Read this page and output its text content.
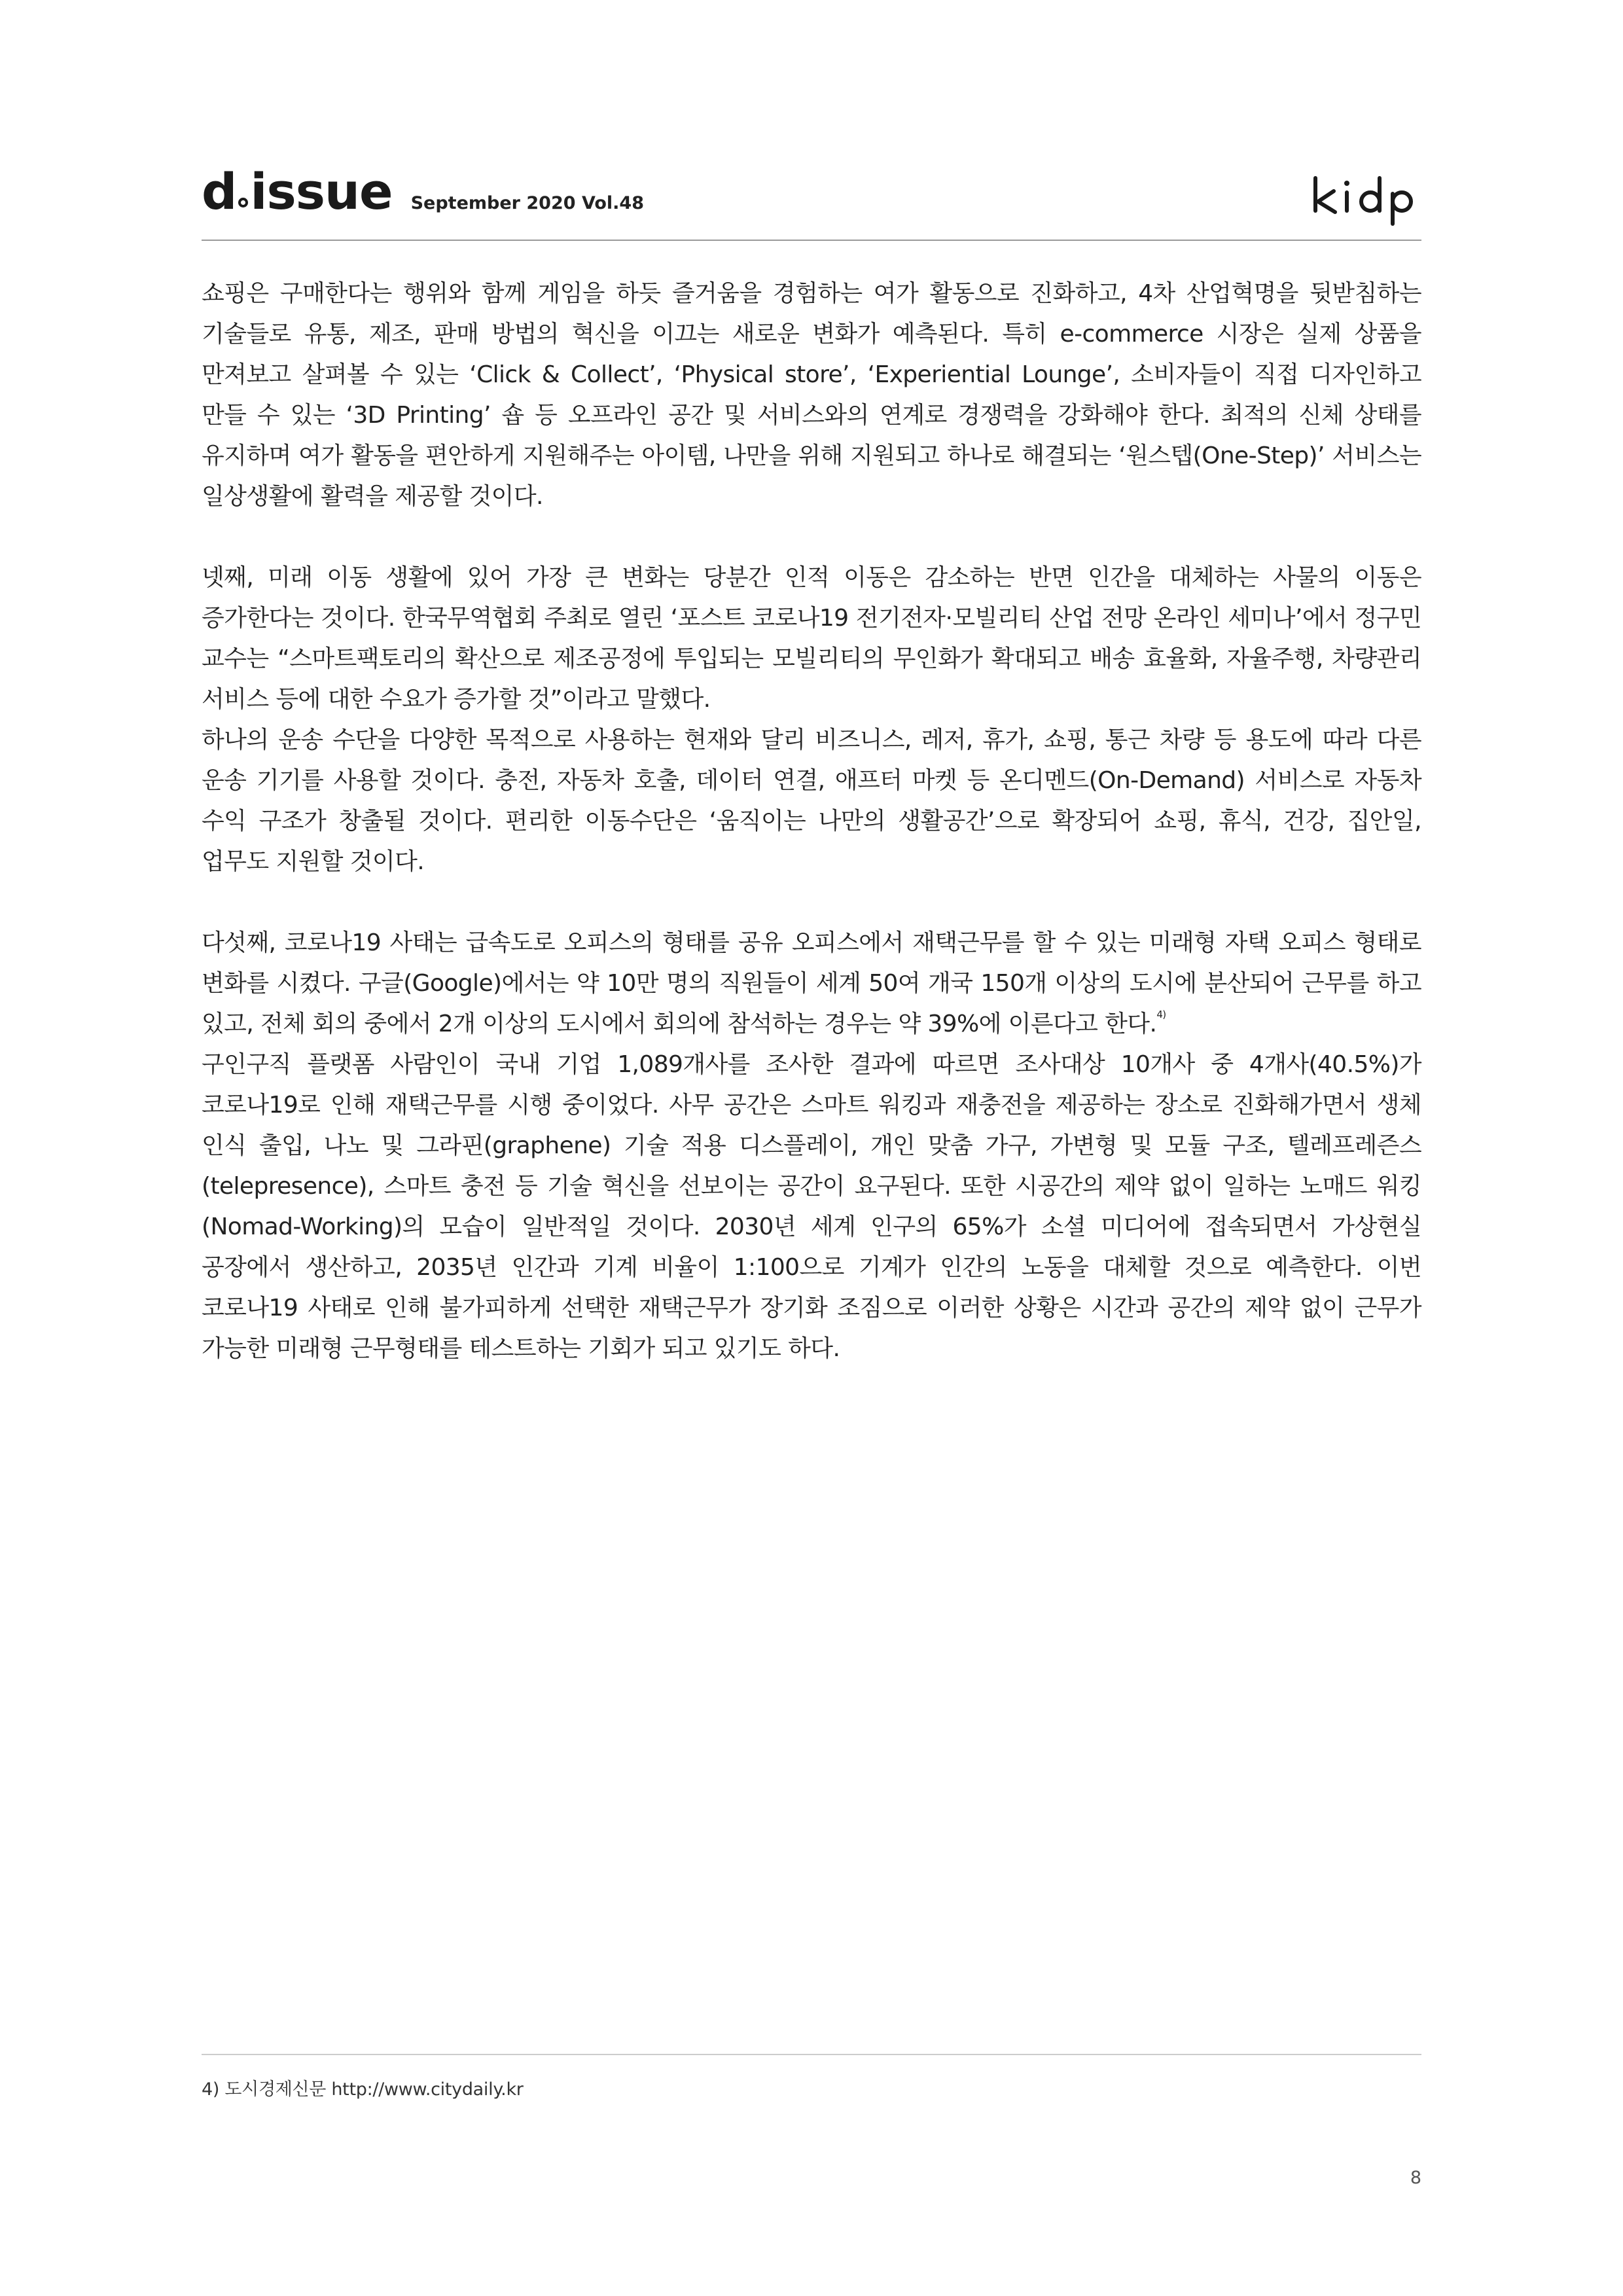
d issue September 2020 Vol.48

쇼핑은 구매한다는 행위와 함께 게임을 하듯 즐거움을 경험하는 여가 활동으로 진화하고, 4차 산업혁명을 뒷받침하는 기술들로 유통, 제조, 판매 방법의 혁신을 이끄는 새로운 변화가 예측된다. 특히 e-commerce 시장은 실제 상품을 만져보고 살펴볼 수 있는 ‘Click & Collect’, ‘Physical store’, ‘Experiential Lounge’, 소비자들이 직접 디자인하고 만들 수 있는 ‘3D Printing’ 숍 등 오프라인 공간 및 서비스와의 연계로 경쟁력을 강화해야 한다. 최적의 신체 상태를 유지하며 여가 활동을 편안하게 지원해주는 아이템, 나만을 위해 지원되고 하나로 해결되는 ‘원스텝(One-Step)’ 서비스는 일상생활에 활력을 제공할 것이다.

넷째, 미래 이동 생활에 있어 가장 큰 변화는 당분간 인적 이동은 감소하는 반면 인간을 대체하는 사물의 이동은 증가한다는 것이다. 한국무역협회 주최로 열린 ‘포스트 코로나19 전기전자·모빌리티 산업 전망 온라인 세미나’에서 정구민 교수는 “스마트팩토리의 확산으로 제조공정에 투입되는 모빌리티의 무인화가 확대되고 배송 효율화, 자율주행, 차량관리 서비스 등에 대한 수요가 증가할 것”이라고 말했다.

하나의 운송 수단을 다양한 목적으로 사용하는 현재와 달리 비즈니스, 레저, 휴가, 쇼핑, 통근 차량 등 용도에 따라 다른 운송 기기를 사용할 것이다. 충전, 자동차 호출, 데이터 연결, 애프터 마켓 등 온디멘드(On-Demand) 서비스로 자동차 수익 구조가 창출될 것이다. 편리한 이동수단은 ‘움직이는 나만의 생활공간’으로 확장되어 쇼핑, 휴식, 건강, 집안일, 업무도 지원할 것이다.

다섯째, 코로나19 사태는 급속도로 오피스의 형태를 공유 오피스에서 재택근무를 할 수 있는 미래형 자택 오피스 형태로 변화를 시켰다. 구글(Google)에서는 약 10만 명의 직원들이 세계 50여 개국 150개 이상의 도시에 분산되어 근무를 하고 있고, 전체 회의 중에서 2개 이상의 도시에서 회의에 참석하는 경우는 약 39%에 이른다고 한다.$^{4)}$

구인구직 플랫폼 사람인이 국내 기업 1,089개사를 조사한 결과에 따르면 조사대상 10개사 중 4개사(40.5%)가 코로나19로 인해 재택근무를 시행 중이었다. 사무 공간은 스마트 워킹과 재충전을 제공하는 장소로 진화해가면서 생체 인식 출입, 나노 및 그라핀(graphene) 기술 적용 디스플레이, 개인 맞춤 가구, 가변형 및 모듈 구조, 텔레프레즌스(telepresence), 스마트 충전 등 기술 혁신을 선보이는 공간이 요구된다. 또한 시공간의 제약 없이 일하는 노매드 워킹(Nomad-Working)의 모습이 일반적일 것이다. 2030년 세계 인구의 65%가 소셜 미디어에 접속되면서 가상현실 공장에서 생산하고, 2035년 인간과 기계 비율이 1:100으로 기계가 인간의 노동을 대체할 것으로 예측한다. 이번 코로나19 사태로 인해 불가피하게 선택한 재택근무가 장기화 조짐으로 이러한 상황은 시간과 공간의 제약 없이 근무가 가능한 미래형 근무형태를 테스트하는 기회가 되고 있기도 하다.

4) 도시경제신문 http://www.citydaily.kr
8
